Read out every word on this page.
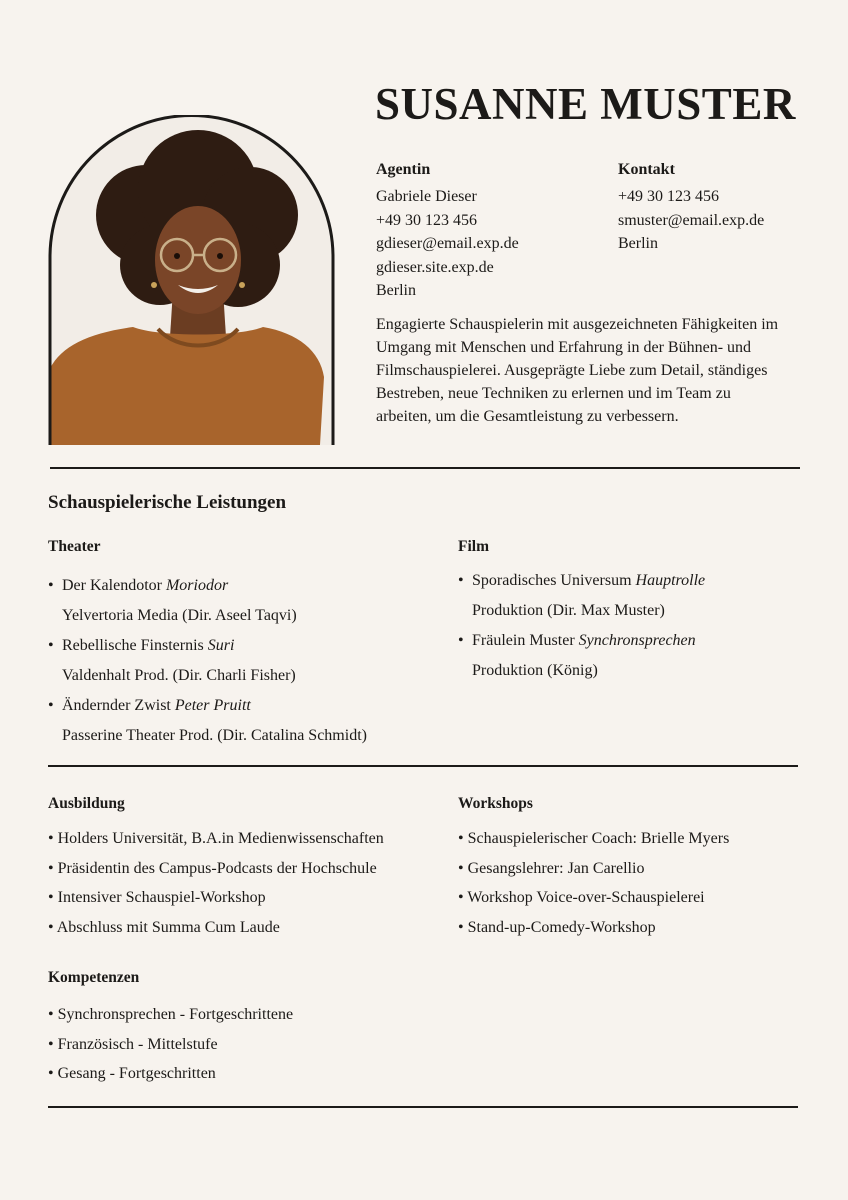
SUSANNE MUSTER
Agentin
Gabriele Dieser
+49 30 123 456
gdieser@email.exp.de
gdieser.site.exp.de
Berlin
Kontakt
+49 30 123 456
smuster@email.exp.de
Berlin
Engagierte Schauspielerin mit ausgezeichneten Fähigkeiten im Umgang mit Menschen und Erfahrung in der Bühnen- und Filmschauspielerei. Ausgeprägte Liebe zum Detail, ständiges Bestreben, neue Techniken zu erlernen und im Team zu arbeiten, um die Gesamtleistung zu verbessern.
Schauspielerische Leistungen
Theater
• Der Kalendotor Moriodor
Yelvertoria Media (Dir. Aseel Taqvi)
• Rebellische Finsternis Suri
Valdenhalt Prod. (Dir. Charli Fisher)
• Ändernder Zwist Peter Pruitt
Passerine Theater Prod. (Dir. Catalina Schmidt)
Film
• Sporadisches Universum Hauptrolle
Produktion (Dir. Max Muster)
• Fräulein Muster Synchronsprechen
Produktion (König)
Ausbildung
• Holders Universität, B.A.in Medienwissenschaften
• Präsidentin des Campus-Podcasts der Hochschule
• Intensiver Schauspiel-Workshop
• Abschluss mit Summa Cum Laude
Workshops
• Schauspielerischer Coach: Brielle Myers
• Gesangslehrer: Jan Carellio
• Workshop Voice-over-Schauspielerei
• Stand-up-Comedy-Workshop
Kompetenzen
• Synchronsprechen - Fortgeschrittene
• Französisch - Mittelstufe
• Gesang - Fortgeschritten
